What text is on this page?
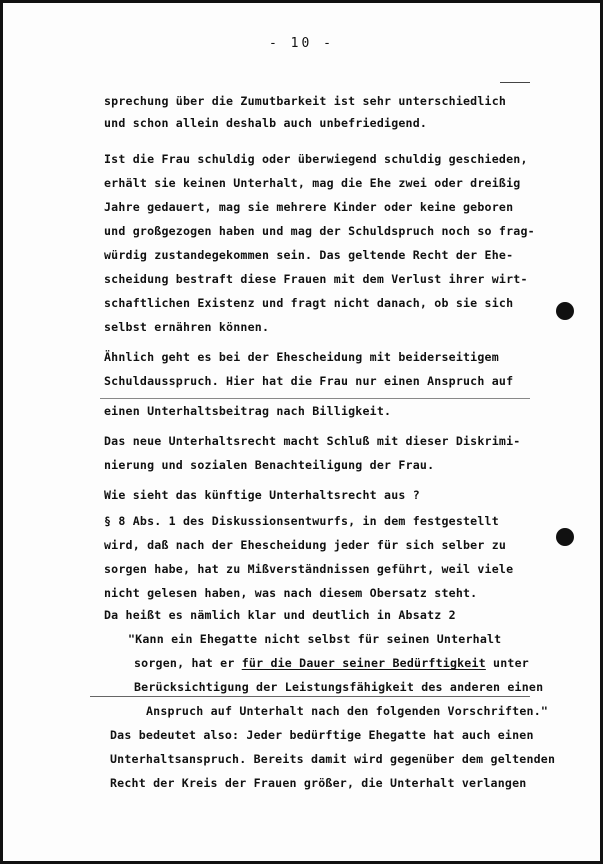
- 10 -
sprechung über die Zumutbarkeit ist sehr unterschiedlich
und schon allein deshalb auch unbefriedigend.
Ist die Frau schuldig oder überwiegend schuldig geschieden,
erhält sie keinen Unterhalt, mag die Ehe zwei oder dreißig
Jahre gedauert, mag sie mehrere Kinder oder keine geboren
und großgezogen haben und mag der Schuldspruch noch so frag-
würdig zustandegekommen sein. Das geltende Recht der Ehe-
scheidung bestraft diese Frauen mit dem Verlust ihrer wirt-
schaftlichen Existenz und fragt nicht danach, ob sie sich
selbst ernähren können.
Ähnlich geht es bei der Ehescheidung mit beiderseitigem
Schuldausspruch. Hier hat die Frau nur einen Anspruch auf
einen Unterhaltsbeitrag nach Billigkeit.
Das neue Unterhaltsrecht macht Schluß mit dieser Diskrimi-
nierung und sozialen Benachteiligung der Frau.
Wie sieht das künftige Unterhaltsrecht aus ?
§ 8 Abs. 1 des Diskussionsentwurfs, in dem festgestellt
wird, daß nach der Ehescheidung jeder für sich selber zu
sorgen habe, hat zu Mißverständnissen geführt, weil viele
nicht gelesen haben, was nach diesem Obersatz steht.
Da heißt es nämlich klar und deutlich in Absatz 2
"Kann ein Ehegatte nicht selbst für seinen Unterhalt
sorgen, hat er für die Dauer seiner Bedürftigkeit unter
Berücksichtigung der Leistungsfähigkeit des anderen einen
Anspruch auf Unterhalt nach den folgenden Vorschriften."
Das bedeutet also: Jeder bedürftige Ehegatte hat auch einen
Unterhaltsanspruch. Bereits damit wird gegenüber dem geltenden
Recht der Kreis der Frauen größer, die Unterhalt verlangen
